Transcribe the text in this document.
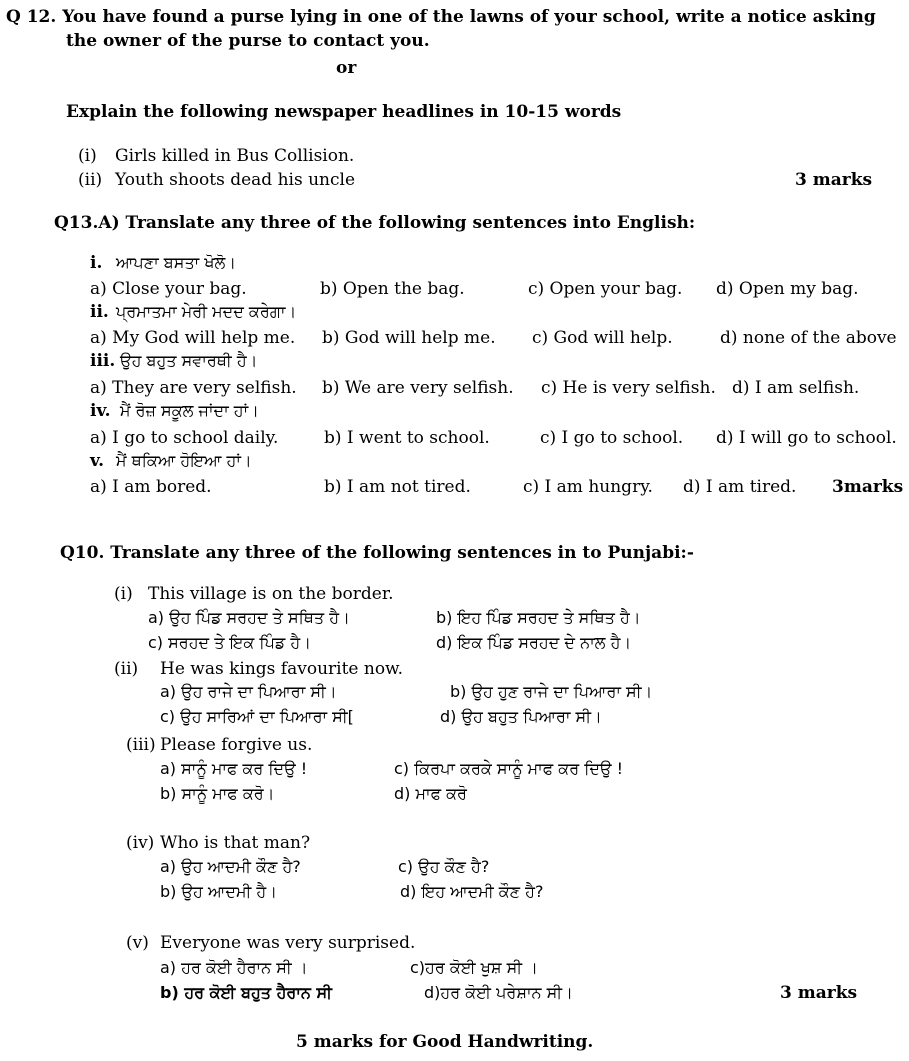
Q 12. You have found a purse lying in one of the lawns of your school, write a notice asking
the owner of the purse to contact you.
or
Explain the following newspaper headlines in 10-15 words
(i) Girls killed in Bus Collision.
(ii) Youth shoots dead his uncle	3 marks
Q13.A) Translate any three of the following sentences into English:
i. ਆਪਣਾ ਬਸਤਾ ਖੋਲੋ।
a) Close your bag.	b) Open the bag.	c) Open your bag. d) Open my bag.
ii. ਪ੍ਰਮਾਤਮਾ ਮੇਰੀ ਮਦਦ ਕਰੇਗਾ।
a) My God will help me. b) God will help me. c) God will help.	d) none of the above
iii. ਉਹ ਬਹੁਤ ਸਵਾਰਥੀ ਹੈ।
a) They are very selfish. b) We are very selfish. c) He is very selfish. d) I am selfish.
iv. ਮੈਂ ਰੋਜ਼ ਸਕੂਲ ਜਾਂਦਾ ਹਾਂ।
a) I go to school daily.	b) I went to school.	c) I go to school. d) I will go to school.
v. ਮੈਂ ਥਕਿਆ ਹੋਇਆ ਹਾਂ।
a) I am bored.	b) I am not tired.	c) I am hungry. d) I am tired. 3marks
Q10. Translate any three of the following sentences in to Punjabi:-
(i) This village is on the border.
a) ਉਹ ਪਿੰਡ ਸਰਹਦ ਤੇ ਸਥਿਤ ਹੈ।	b) ਇਹ ਪਿੰਡ ਸਰਹਦ ਤੇ ਸਥਿਤ ਹੈ।
c) ਸਰਹਦ ਤੇ ਇਕ ਪਿੰਡ ਹੈ।	d) ਇਕ ਪਿੰਡ ਸਰਹਦ ਦੇ ਨਾਲ ਹੈ।
(ii) He was kings favourite now.
a) ਉਹ ਰਾਜੇ ਦਾ ਪਿਆਰਾ ਸੀ।	b) ਉਹ ਹੁਣ ਰਾਜੇ ਦਾ ਪਿਆਰਾ ਸੀ।
c) ਉਹ ਸਾਰਿਆਂ ਦਾ ਪਿਆਰਾ ਸੀ[	d) ਉਹ ਬਹੁਤ ਪਿਆਰਾ ਸੀ।
(iii) Please forgive us.
a) ਸਾਨੂੰ ਮਾਫ ਕਰ ਦਿਉ !	c) ਕਿਰਪਾ ਕਰਕੇ ਸਾਨੂੰ ਮਾਫ ਕਰ ਦਿਉ !
b) ਸਾਨੂੰ ਮਾਫ ਕਰੋ।	d) ਮਾਫ ਕਰੋ
(iv) Who is that man?
a) ਉਹ ਆਦਮੀ ਕੌਣ ਹੈ?	c) ਉਹ ਕੌਣ ਹੈ?
b) ਉਹ ਆਦਮੀ ਹੈ।	d) ਇਹ ਆਦਮੀ ਕੌਣ ਹੈ?
(v) Everyone was very surprised.
a) ਹਰ ਕੋਈ ਹੈਰਾਨ ਸੀ ।	c)ਹਰ ਕੋਈ ਖੁਸ਼ ਸੀ ।
b) ਹਰ ਕੋਈ ਬਹੁਤ ਹੈਰਾਨ ਸੀ	d)ਹਰ ਕੋਈ ਪਰੇਸ਼ਾਨ ਸੀ।	3 marks
5 marks for Good Handwriting.
